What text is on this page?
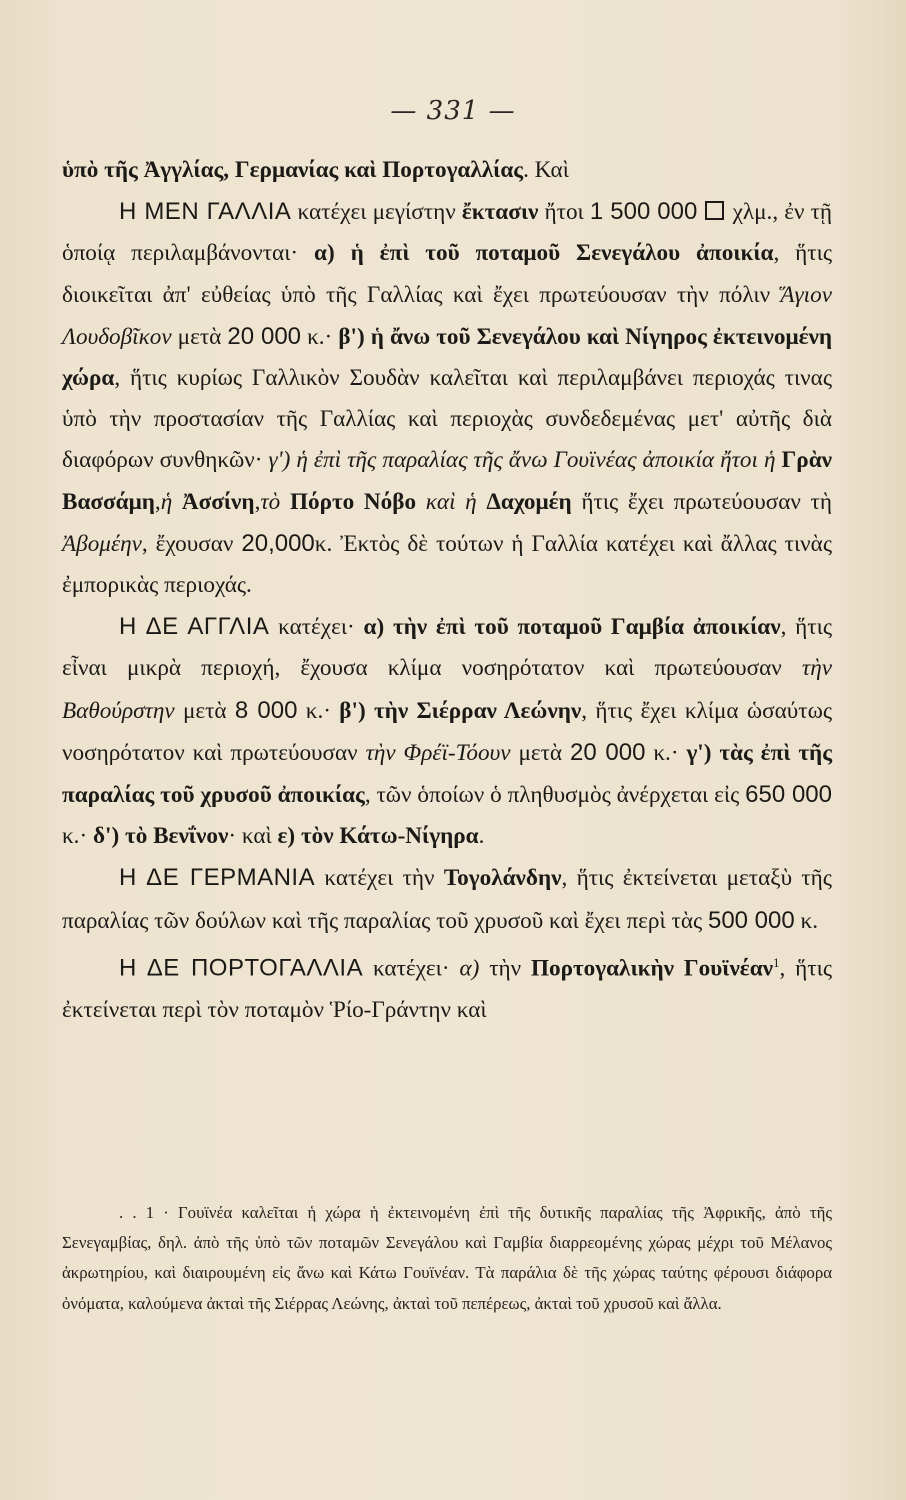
— 331 —

ὑπὸ τῆς Ἀγγλίας, Γερμανίας καὶ Πορτογαλλίας. Καὶ

Η ΜΕΝ ΓΑΛΛΙΑ κατέχει μεγίστην ἔκτασιν ἤτοι 1 500 000 χλμ., ἐν τῇ ὁποίᾳ περιλαμβάνονται· α) ἡ ἐπὶ τοῦ ποταμοῦ Σενεγάλου ἀποικία, ἥτις διοικεῖται ἀπ' εὐθείας ὑπὸ τῆς Γαλλίας καὶ ἔχει πρωτεύουσαν τὴν πόλιν Ἅγιον Λουδοβῖκον μετὰ 20 000 κ.· β') ἡ ἄνω τοῦ Σενεγάλου καὶ Νίγηρος ἐκτεινομένη χώρα, ἥτις κυρίως Γαλλικὸν Σουδὰν καλεῖται καὶ περιλαμβάνει περιοχάς τινας ὑπὸ τὴν προστασίαν τῆς Γαλλίας καὶ περιοχὰς συνδεδεμένας μετ' αὐτῆς διὰ διαφόρων συνθηκῶν· γ') ἡ ἐπὶ τῆς παραλίας τῆς ἄνω Γουϊνέας ἀποικία ἤτοι ἡ Γρὰν Βασσάμη,ἡ Ἀσσίνη,τὸ Πόρτο Νόβο καὶ ἡ Δαχομέη ἥτις ἔχει πρωτεύουσαν τὴ Ἀβομέην, ἔχουσαν 20,000κ. Ἐκτὸς δὲ τούτων ἡ Γαλλία κατέχει καὶ ἄλλας τινὰς ἐμπορικὰς περιοχάς.

Η ΔΕ ΑΓΓΛΙΑ κατέχει· α) τὴν ἐπὶ τοῦ ποταμοῦ Γαμβία ἀποικίαν, ἥτις εἶναι μικρὰ περιοχή, ἔχουσα κλίμα νοσηρότατον καὶ πρωτεύουσαν τὴν Βαθούρστην μετὰ 8 000 κ.· β') τὴν Σιέρραν Λεώνην, ἥτις ἔχει κλίμα ὡσαύτως νοσηρότατον καὶ πρωτεύουσαν τὴν Φρέϊ-Τόουν μετὰ 20 000 κ.· γ') τὰς ἐπὶ τῆς παραλίας τοῦ χρυσοῦ ἀποικίας, τῶν ὁποίων ὁ πληθυσμὸς ἀνέρχεται εἰς 650 000 κ.· δ') τὸ Βενΐνον· καὶ ε) τὸν Κάτω-Νίγηρα.

Η ΔΕ ΓΕΡΜΑΝΙΑ κατέχει τὴν Τογολάνδην, ἥτις ἐκτείνεται μεταξὺ τῆς παραλίας τῶν δούλων καὶ τῆς παραλίας τοῦ χρυσοῦ καὶ ἔχει περὶ τὰς 500 000 κ.

Η ΔΕ ΠΟΡΤΟΓΑΛΛΙΑ κατέχει· α) τὴν Πορτογαλικὴν Γουϊνέαν$^1$, ἥτις ἐκτείνεται περὶ τὸν ποταμὸν Ῥίο-Γράντην καὶ

. . 1 · Γουϊνέα καλεῖται ἡ χώρα ἡ ἐκτεινομένη ἐπὶ τῆς δυτικῆς παραλίας τῆς Ἀφρικῆς, ἀπὸ τῆς Σενεγαμβίας, δηλ. ἀπὸ τῆς ὑπὸ τῶν ποταμῶν Σενεγάλου καὶ Γαμβία διαρρεομένης χώρας μέχρι τοῦ Μέλανος ἀκρωτηρίου, καὶ διαιρουμένη εἰς ἄνω καὶ Κάτω Γουϊνέαν. Τὰ παράλια δὲ τῆς χώρας ταύτης φέρουσι διάφορα ὀνόματα, καλούμενα ἀκταὶ τῆς Σιέρρας Λεώνης, ἀκταὶ τοῦ πεπέρεως, ἀκταὶ τοῦ χρυσοῦ καὶ ἄλλα.
